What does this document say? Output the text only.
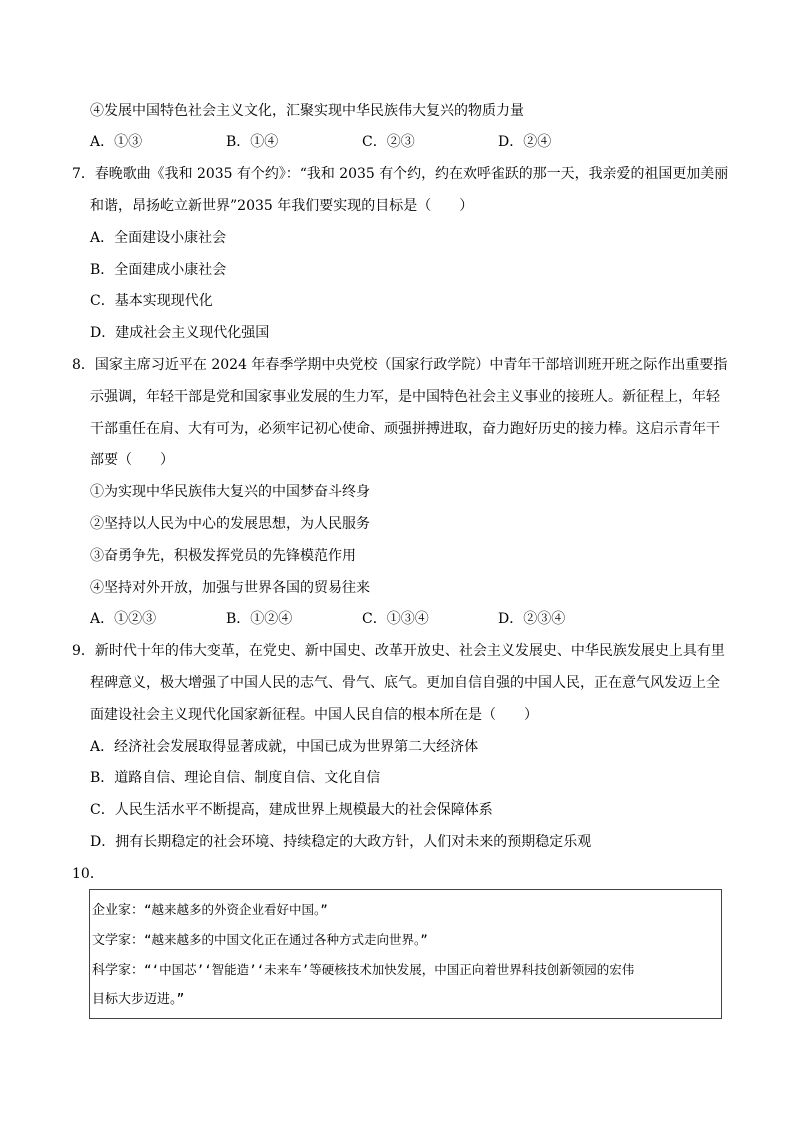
④发展中国特色社会主义文化，汇聚实现中华民族伟大复兴的物质力量
A．①③	B．①④	C．②③	D．②④
7．春晚歌曲《我和 2035 有个约》：“我和 2035 有个约，约在欢呼雀跃的那一天，我亲爱的祖国更加美丽
和谐，昂扬屹立新世界”2035 年我们要实现的目标是（　　）
A．全面建设小康社会
B．全面建成小康社会
C．基本实现现代化
D．建成社会主义现代化强国
8．国家主席习近平在 2024 年春季学期中央党校（国家行政学院）中青年干部培训班开班之际作出重要指
示强调，年轻干部是党和国家事业发展的生力军，是中国特色社会主义事业的接班人。新征程上，年轻
干部重任在肩、大有可为，必须牢记初心使命、顽强拼搏进取，奋力跑好历史的接力棒。这启示青年干
部要（　　）
①为实现中华民族伟大复兴的中国梦奋斗终身
②坚持以人民为中心的发展思想，为人民服务
③奋勇争先，积极发挥党员的先锋模范作用
④坚持对外开放，加强与世界各国的贸易往来
A．①②③	B．①②④	C．①③④	D．②③④
9．新时代十年的伟大变革，在党史、新中国史、改革开放史、社会主义发展史、中华民族发展史上具有里
程碑意义，极大增强了中国人民的志气、骨气、底气。更加自信自强的中国人民，正在意气风发迈上全
面建设社会主义现代化国家新征程。中国人民自信的根本所在是（　　）
A．经济社会发展取得显著成就，中国已成为世界第二大经济体
B．道路自信、理论自信、制度自信、文化自信
C．人民生活水平不断提高，建成世界上规模最大的社会保障体系
D．拥有长期稳定的社会环境、持续稳定的大政方针，人们对未来的预期稳定乐观
10．
企业家：“越来越多的外资企业看好中国。”
文学家：“越来越多的中国文化正在通过各种方式走向世界。”
科学家：“‘中国芯’‘智能造’‘未来车’等硬核技术加快发展，中国正向着世界科技创新领园的宏伟
目标大步迈进。”
